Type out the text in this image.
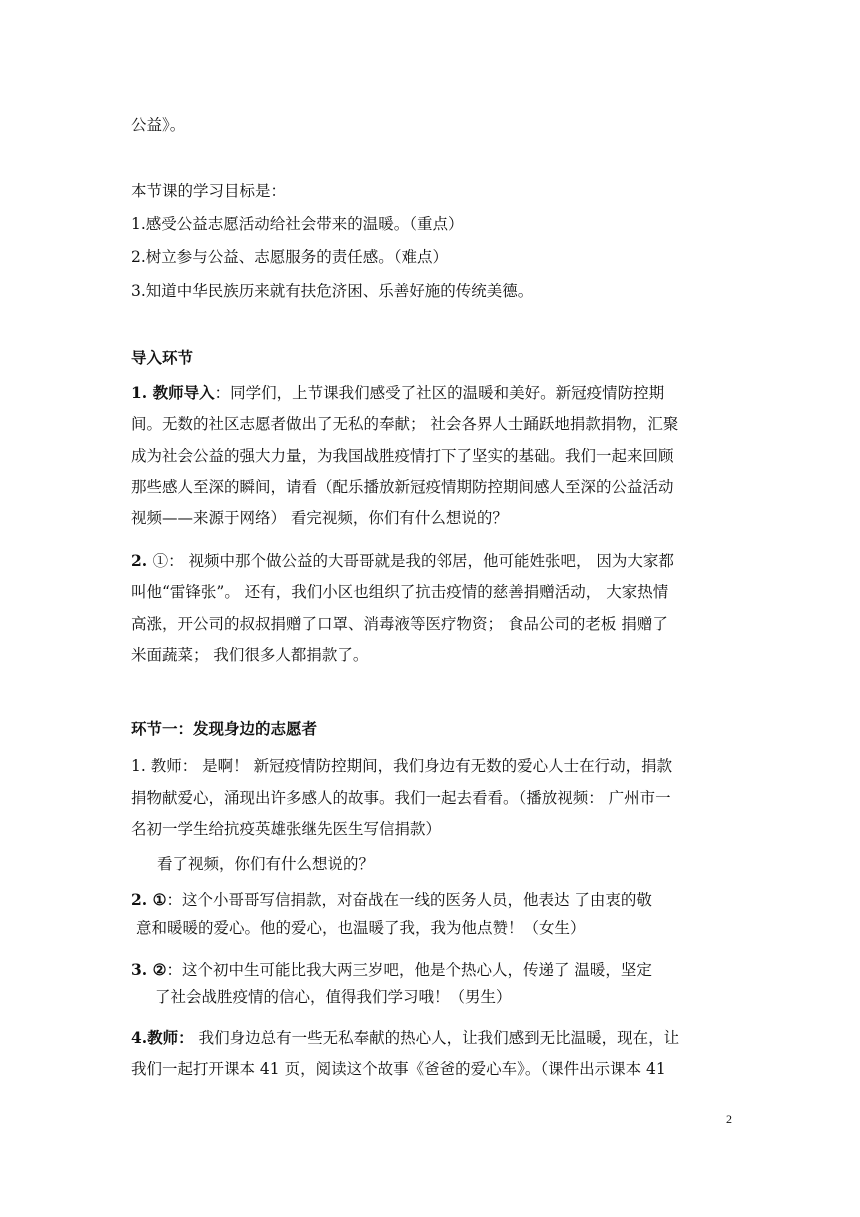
公益》。
本节课的学习目标是：
1.感受公益志愿活动给社会带来的温暖。（重点）
2.树立参与公益、志愿服务的责任感。（难点）
3.知道中华民族历来就有扶危济困、乐善好施的传统美德。
导入环节
1. 教师导入：同学们，上节课我们感受了社区的温暖和美好。新冠疫情防控期
间。无数的社区志愿者做出了无私的奉献； 社会各界人士踊跃地捐款捐物，汇聚
成为社会公益的强大力量，为我国战胜疫情打下了坚实的基础。我们一起来回顾
那些感人至深的瞬间，请看（配乐播放新冠疫情期防控期间感人至深的公益活动
视频——来源于网络） 看完视频，你们有什么想说的？
2. ①： 视频中那个做公益的大哥哥就是我的邻居，他可能姓张吧， 因为大家都
叫他“雷锋张”。 还有，我们小区也组织了抗击疫情的慈善捐赠活动， 大家热情
高涨，开公司的叔叔捐赠了口罩、消毒液等医疗物资； 食品公司的老板 捐赠了
米面蔬菜； 我们很多人都捐款了。
环节一：发现身边的志愿者
1. 教师： 是啊！ 新冠疫情防控期间，我们身边有无数的爱心人士在行动，捐款
捐物献爱心，涌现出许多感人的故事。我们一起去看看。（播放视频： 广州市一
名初一学生给抗疫英雄张继先医生写信捐款）
看了视频，你们有什么想说的？
2. ①：这个小哥哥写信捐款，对奋战在一线的医务人员，他表达 了由衷的敬
意和暖暖的爱心。他的爱心，也温暖了我，我为他点赞！（女生）
3. ②：这个初中生可能比我大两三岁吧，他是个热心人，传递了 温暖，坚定
了社会战胜疫情的信心，值得我们学习哦！（男生）
4.教师： 我们身边总有一些无私奉献的热心人，让我们感到无比温暖，现在，让
我们一起打开课本 41 页，阅读这个故事《爸爸的爱心车》。（课件出示课本 41
2
